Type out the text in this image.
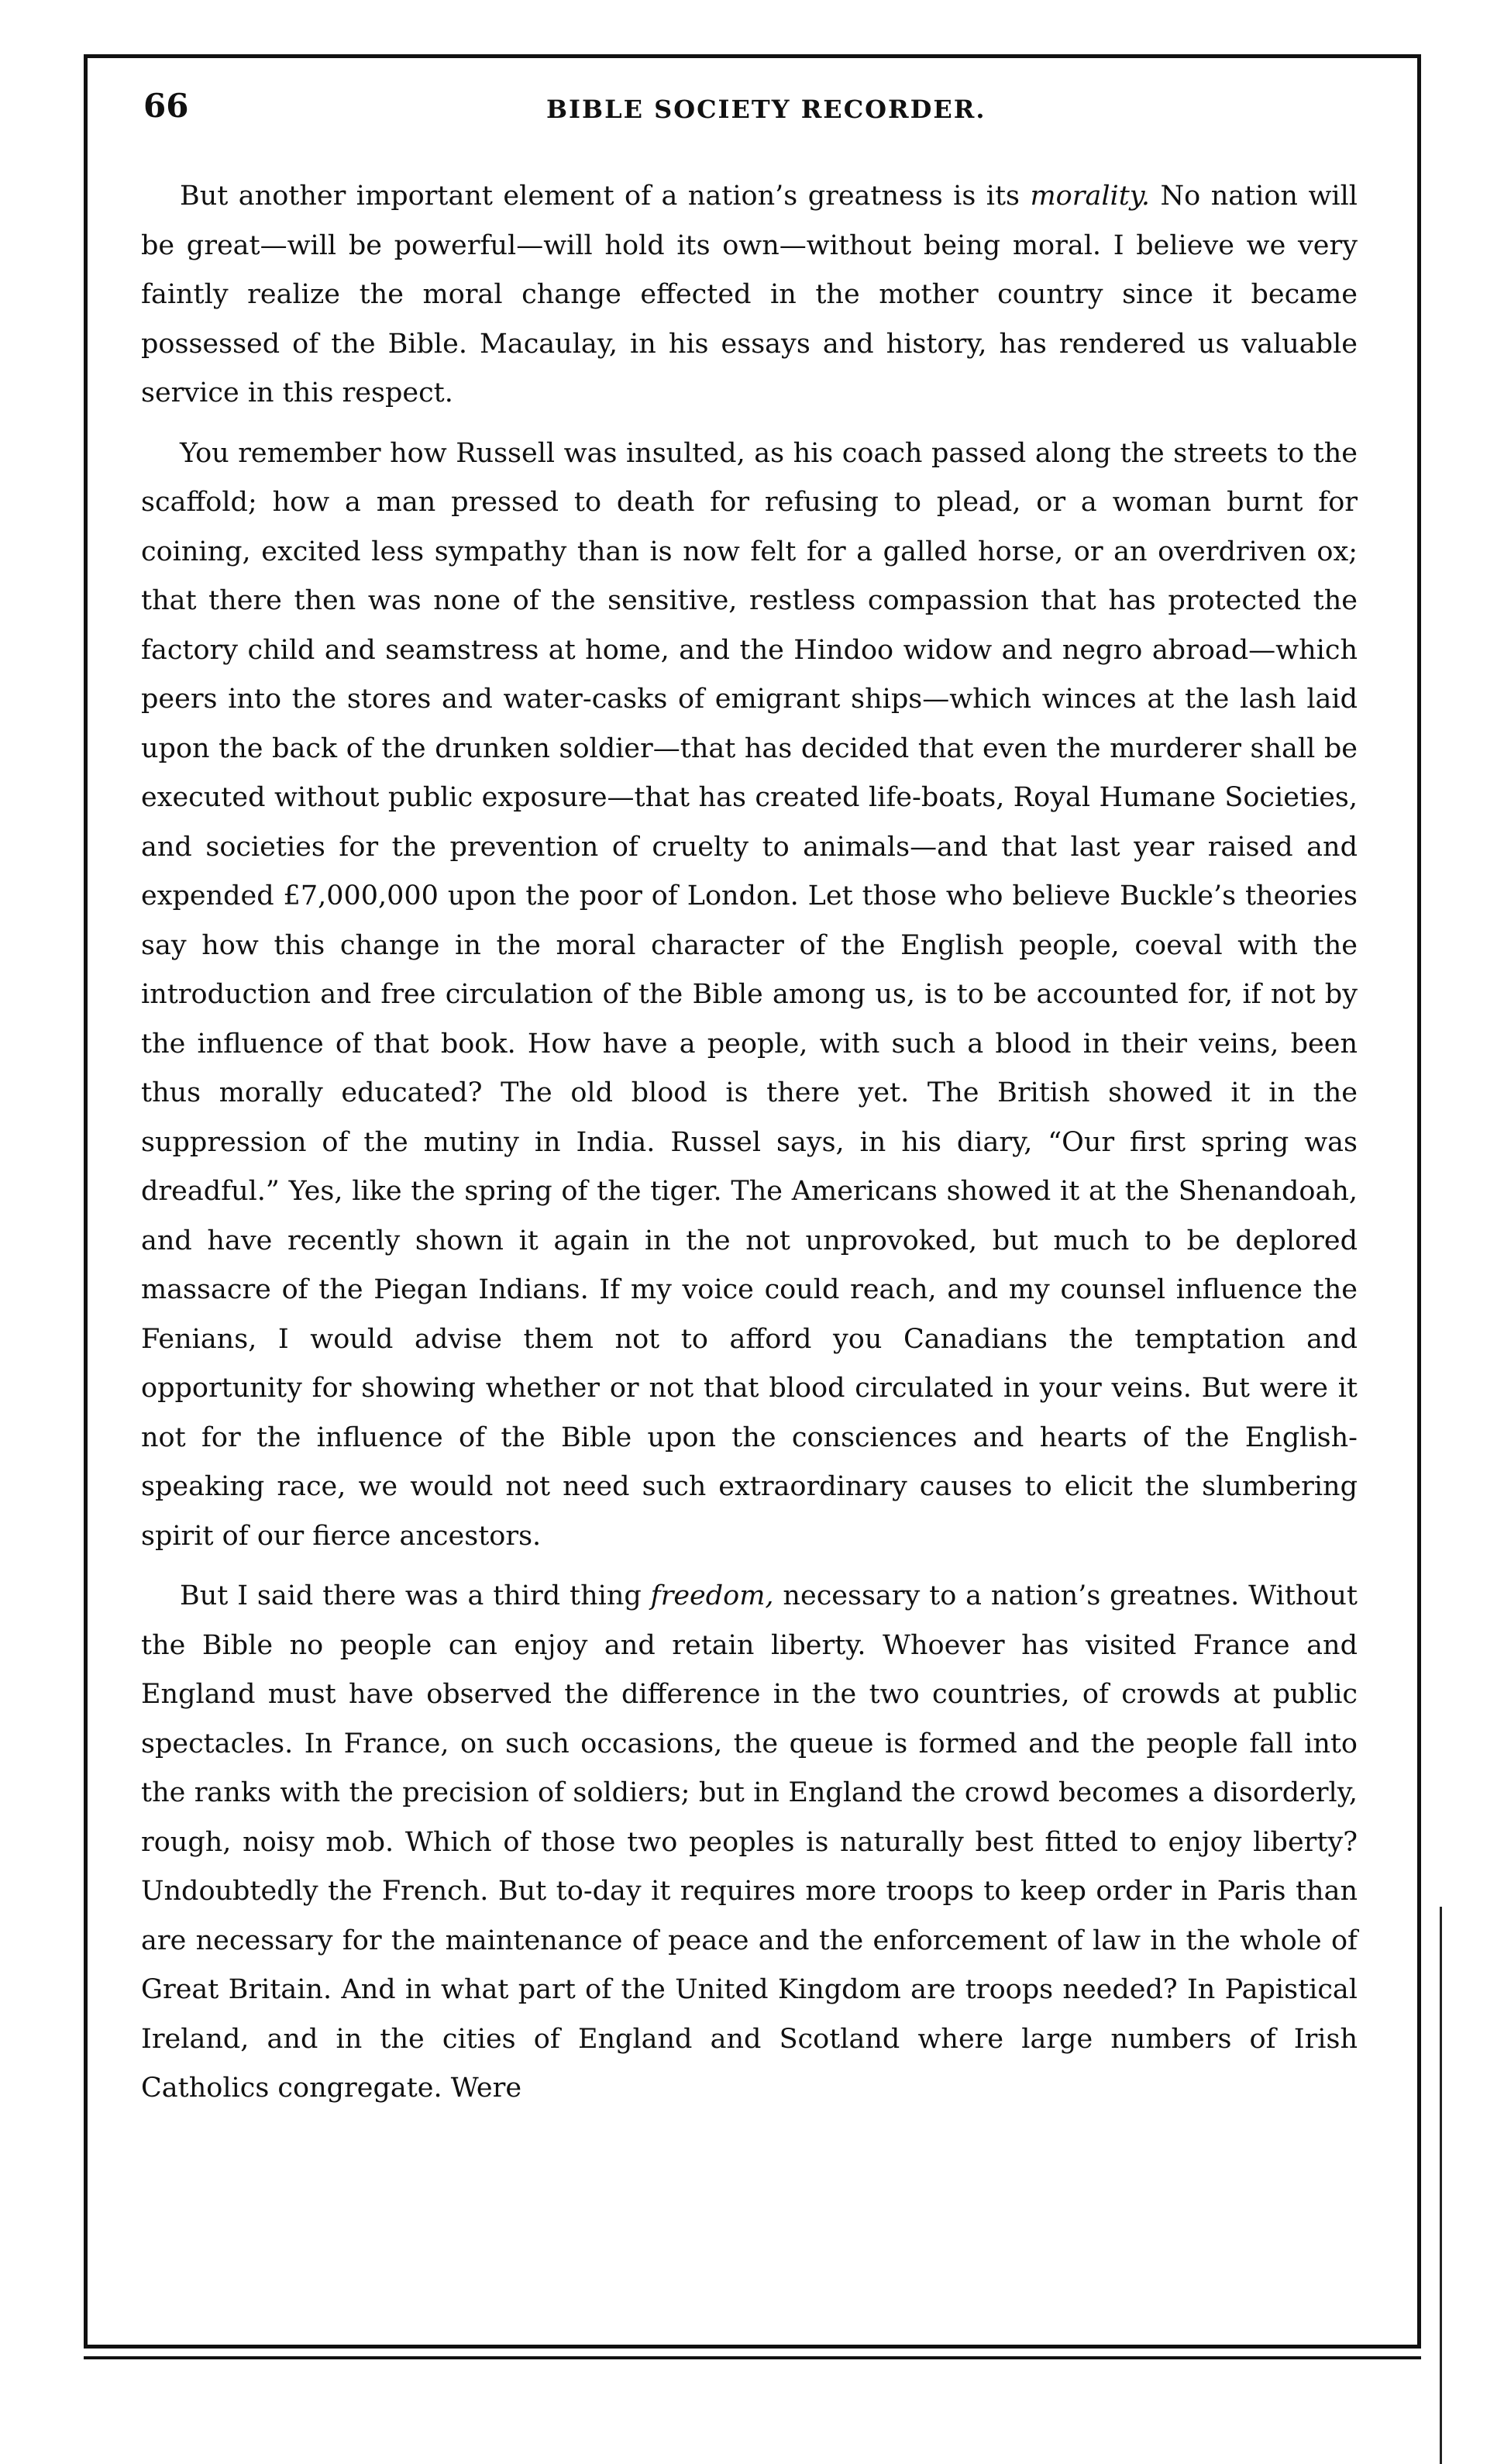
66	BIBLE SOCIETY RECORDER.

But another important element of a nation’s greatness is its morality. No nation will be great—will be powerful—will hold its own—without being moral. I believe we very faintly realize the moral change effected in the mother country since it became possessed of the Bible. Macaulay, in his essays and history, has rendered us valuable service in this respect.

You remember how Russell was insulted, as his coach passed along the streets to the scaffold; how a man pressed to death for refusing to plead, or a woman burnt for coining, excited less sympathy than is now felt for a galled horse, or an overdriven ox; that there then was none of the sensitive, restless compassion that has protected the factory child and seamstress at home, and the Hindoo widow and negro abroad—which peers into the stores and water-casks of emigrant ships—which winces at the lash laid upon the back of the drunken soldier—that has decided that even the murderer shall be executed without public exposure—that has created life-boats, Royal Humane Societies, and societies for the prevention of cruelty to animals—and that last year raised and expended £7,000,000 upon the poor of London. Let those who believe Buckle’s theories say how this change in the moral character of the English people, coeval with the introduction and free circulation of the Bible among us, is to be accounted for, if not by the influence of that book. How have a people, with such a blood in their veins, been thus morally educated? The old blood is there yet. The British showed it in the suppression of the mutiny in India. Russel says, in his diary, “Our first spring was dreadful.” Yes, like the spring of the tiger. The Americans showed it at the Shenandoah, and have recently shown it again in the not unprovoked, but much to be deplored massacre of the Piegan Indians. If my voice could reach, and my counsel influence the Fenians, I would advise them not to afford you Canadians the temptation and opportunity for showing whether or not that blood circulated in your veins. But were it not for the influence of the Bible upon the consciences and hearts of the English-speaking race, we would not need such extraordinary causes to elicit the slumbering spirit of our fierce ancestors.

But I said there was a third thing freedom, necessary to a nation’s greatnes. Without the Bible no people can enjoy and retain liberty. Whoever has visited France and England must have observed the difference in the two countries, of crowds at public spectacles. In France, on such occasions, the queue is formed and the people fall into the ranks with the precision of soldiers; but in England the crowd becomes a disorderly, rough, noisy mob. Which of those two peoples is naturally best fitted to enjoy liberty? Undoubtedly the French. But to-day it requires more troops to keep order in Paris than are necessary for the maintenance of peace and the enforcement of law in the whole of Great Britain. And in what part of the United Kingdom are troops needed? In Papistical Ireland, and in the cities of England and Scotland where large numbers of Irish Catholics congregate. Were
